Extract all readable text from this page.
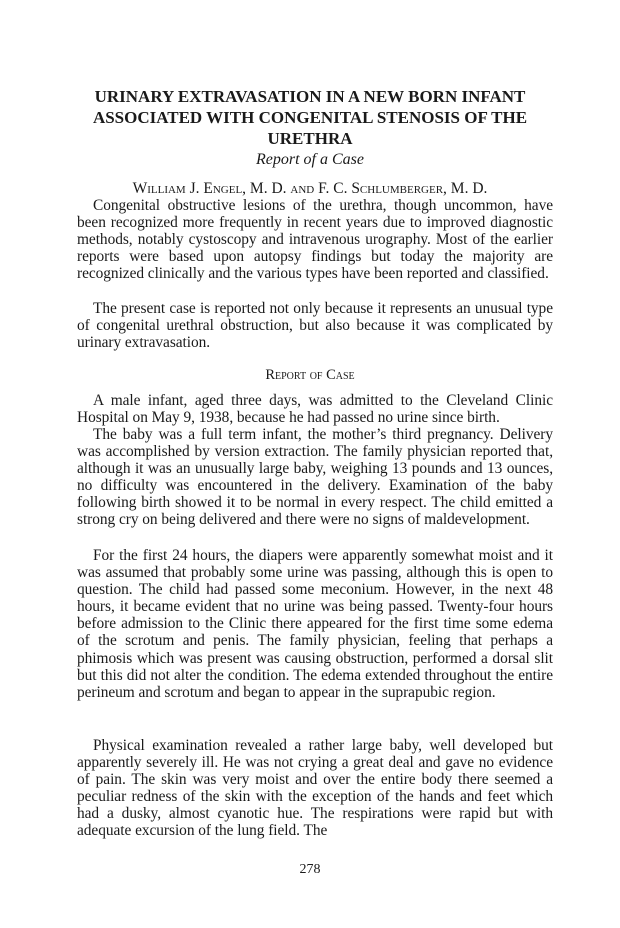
URINARY EXTRAVASATION IN A NEW BORN INFANT ASSOCIATED WITH CONGENITAL STENOSIS OF THE URETHRA
Report of a Case
William J. Engel, M. D. and F. C. Schlumberger, M. D.

Congenital obstructive lesions of the urethra, though uncommon, have been recognized more frequently in recent years due to improved diagnostic methods, notably cystoscopy and intravenous urography. Most of the earlier reports were based upon autopsy findings but today the majority are recognized clinically and the various types have been reported and classified.

The present case is reported not only because it represents an unusual type of congenital urethral obstruction, but also because it was complicated by urinary extravasation.

Report of Case

A male infant, aged three days, was admitted to the Cleveland Clinic Hospital on May 9, 1938, because he had passed no urine since birth.

The baby was a full term infant, the mother’s third pregnancy. Delivery was accomplished by version extraction. The family physician reported that, although it was an unusually large baby, weighing 13 pounds and 13 ounces, no difficulty was encountered in the delivery. Examination of the baby following birth showed it to be normal in every respect. The child emitted a strong cry on being delivered and there were no signs of maldevelopment.

For the first 24 hours, the diapers were apparently somewhat moist and it was assumed that probably some urine was passing, although this is open to question. The child had passed some meconium. However, in the next 48 hours, it became evident that no urine was being passed. Twenty-four hours before admission to the Clinic there appeared for the first time some edema of the scrotum and penis. The family physician, feeling that perhaps a phimosis which was present was causing obstruction, performed a dorsal slit but this did not alter the condition. The edema extended throughout the entire perineum and scrotum and began to appear in the suprapubic region.

Physical examination revealed a rather large baby, well developed but apparently severely ill. He was not crying a great deal and gave no evidence of pain. The skin was very moist and over the entire body there seemed a peculiar redness of the skin with the exception of the hands and feet which had a dusky, almost cyanotic hue. The respirations were rapid but with adequate excursion of the lung field. The

278
